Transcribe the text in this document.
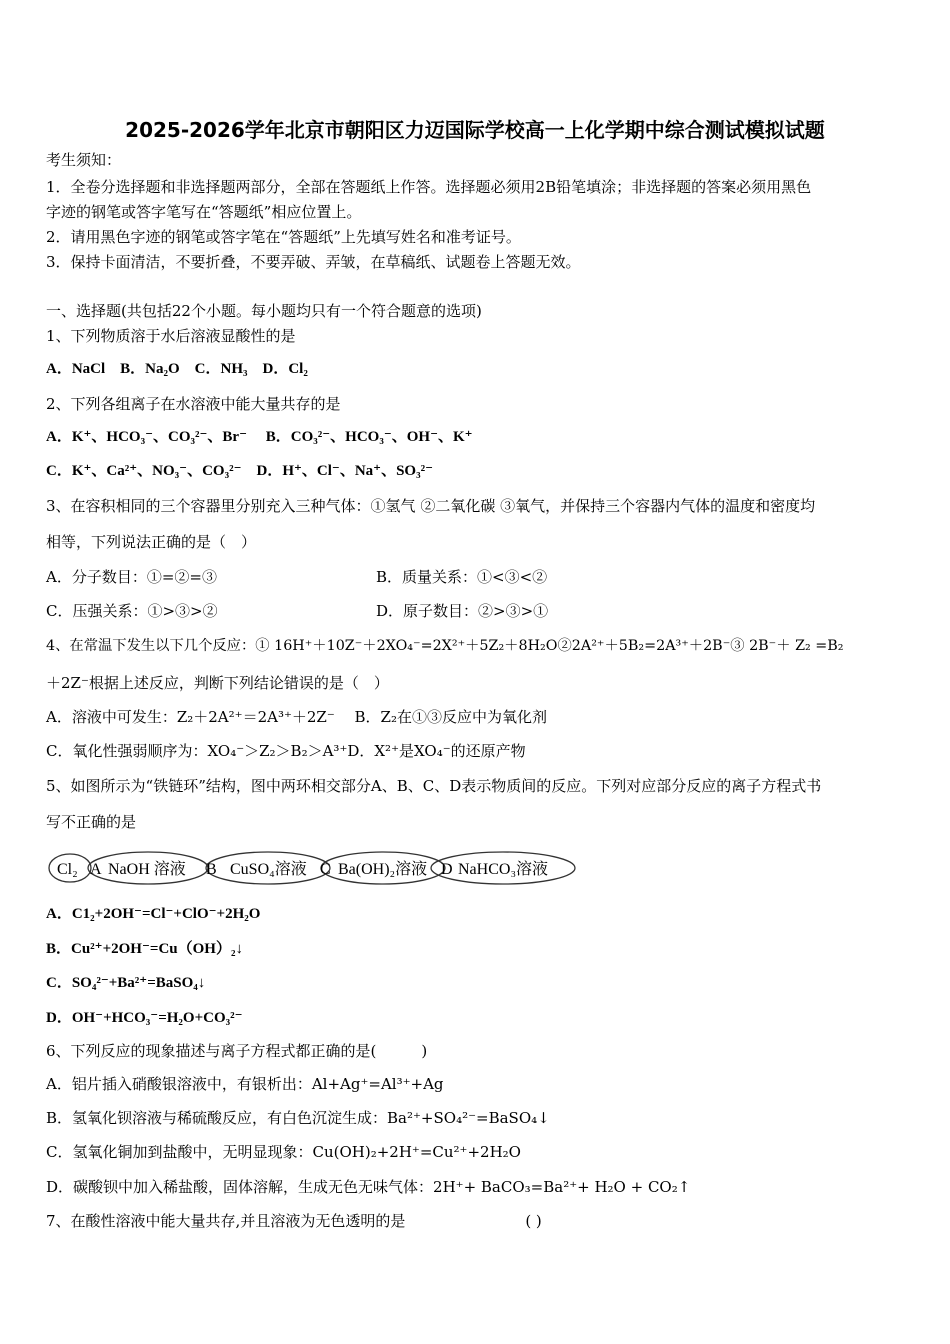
2025-2026学年北京市朝阳区力迈国际学校高一上化学期中综合测试模拟试题
考生须知：
1．全卷分选择题和非选择题两部分，全部在答题纸上作答。选择题必须用2B铅笔填涂；非选择题的答案必须用黑色
字迹的钢笔或答字笔写在“答题纸”相应位置上。
2．请用黑色字迹的钢笔或答字笔在“答题纸”上先填写姓名和准考证号。
3．保持卡面清洁，不要折叠，不要弄破、弄皱，在草稿纸、试题卷上答题无效。
一、选择题(共包括22个小题。每小题均只有一个符合题意的选项)
1、下列物质溶于水后溶液显酸性的是
A．NaCl　B．Na₂O　C．NH₃　D．Cl₂
2、下列各组离子在水溶液中能大量共存的是
A．K⁺、HCO₃⁻、CO₃²⁻、Br⁻　 B．CO₃²⁻、HCO₃⁻、OH⁻、K⁺
C．K⁺、Ca²⁺、NO₃⁻、CO₃²⁻　D．H⁺、Cl⁻、Na⁺、SO₃²⁻
3、在容积相同的三个容器里分别充入三种气体：①氢气 ②二氧化碳 ③氧气，并保持三个容器内气体的温度和密度均
相等，下列说法正确的是（　）
A．分子数目：①=②=③	B．质量关系：①<③<②
C．压强关系：①>③>②	D．原子数目：②>③>①
4、在常温下发生以下几个反应：① 16H⁺＋10Z⁻＋2XO₄⁻=2X²⁺＋5Z₂＋8H₂O②2A²⁺＋5B₂=2A³⁺＋2B⁻③ 2B⁻＋ Z₂ =B₂
＋2Z⁻根据上述反应，判断下列结论错误的是（　）
A．溶液中可发生：Z₂＋2A²⁺＝2A³⁺＋2Z⁻　 B．Z₂在①③反应中为氧化剂
C．氧化性强弱顺序为：XO₄⁻＞Z₂＞B₂＞A³⁺D．X²⁺是XO₄⁻的还原产物
5、如图所示为“铁链环”结构，图中两环相交部分A、B、C、D表示物质间的反应。下列对应部分反应的离子方程式书
写不正确的是
Cl₂ NaOH 溶液	CuSO₄溶液 Ba(OH)₂溶液 NaHCO₃溶液
A	B	C	D
A．C1₂+2OH⁻=Cl⁻+ClO⁻+2H₂O
B．Cu²⁺+2OH⁻=Cu（OH）₂↓
C．SO₄²⁻+Ba²⁺=BaSO₄↓
D．OH⁻+HCO₃⁻=H₂O+CO₃²⁻
6、下列反应的现象描述与离子方程式都正确的是(　　　)
A．铝片插入硝酸银溶液中，有银析出：Al+Ag⁺=Al³⁺+Ag
B．氢氧化钡溶液与稀硫酸反应，有白色沉淀生成：Ba²⁺+SO₄²⁻=BaSO₄↓
C．氢氧化铜加到盐酸中，无明显现象：Cu(OH)₂+2H⁺=Cu²⁺+2H₂O
D．碳酸钡中加入稀盐酸，固体溶解，生成无色无味气体：2H⁺+ BaCO₃=Ba²⁺+ H₂O + CO₂↑
7、在酸性溶液中能大量共存,并且溶液为无色透明的是　　　　　　　　( )
